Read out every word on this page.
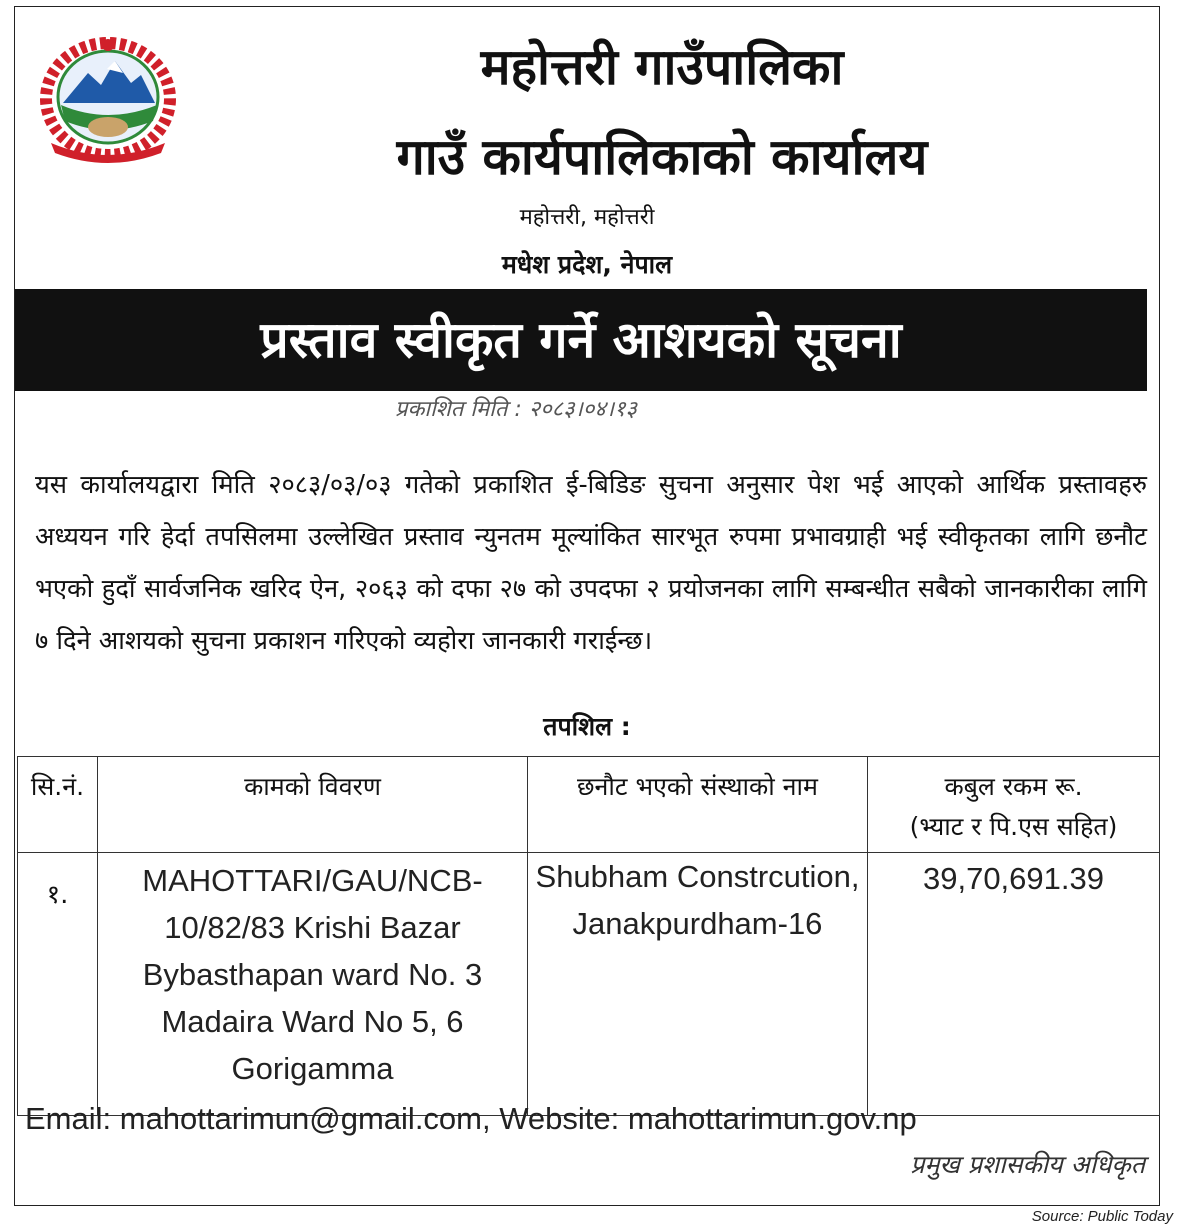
महोत्तरी गाउँपालिका
गाउँ कार्यपालिकाको कार्यालय
महोत्तरी, महोत्तरी
मधेश प्रदेश, नेपाल
प्रस्ताव स्वीकृत गर्ने आशयको सूचना
प्रकाशित मिति : २०८३।०४।१३
यस कार्यालयद्वारा मिति २०८३/०३/०३ गतेको प्रकाशित ई-बिडिङ सुचना अनुसार पेश भई आएको आर्थिक प्रस्तावहरु अध्ययन गरि हेर्दा तपसिलमा उल्लेखित प्रस्ताव न्युनतम मूल्यांकित सारभूत रुपमा प्रभावग्राही भई स्वीकृतका लागि छनौट भएको हुदाँ सार्वजनिक खरिद ऐन, २०६३ को दफा २७ को उपदफा २ प्रयोजनका लागि सम्बन्धीत सबैको जानकारीका लागि ७ दिने आशयको सुचना प्रकाशन गरिएको व्यहोरा जानकारी गराईन्छ।
तपशिल :
सि.नं.	कामको विवरण	छनौट भएको संस्थाको नाम	कबुल रकम रू.
(भ्याट र पि.एस सहित)

१.	MAHOTTARI/GAU/NCB-10/82/83 Krishi Bazar Bybasthapan ward No. 3 Madaira Ward No 5, 6 Gorigamma	Shubham Constrcution, Janakpurdham-16	39,70,691.39
Email: mahottarimun@gmail.com, Website: mahottarimun.gov.np
प्रमुख प्रशासकीय अधिकृत
Source: Public Today
